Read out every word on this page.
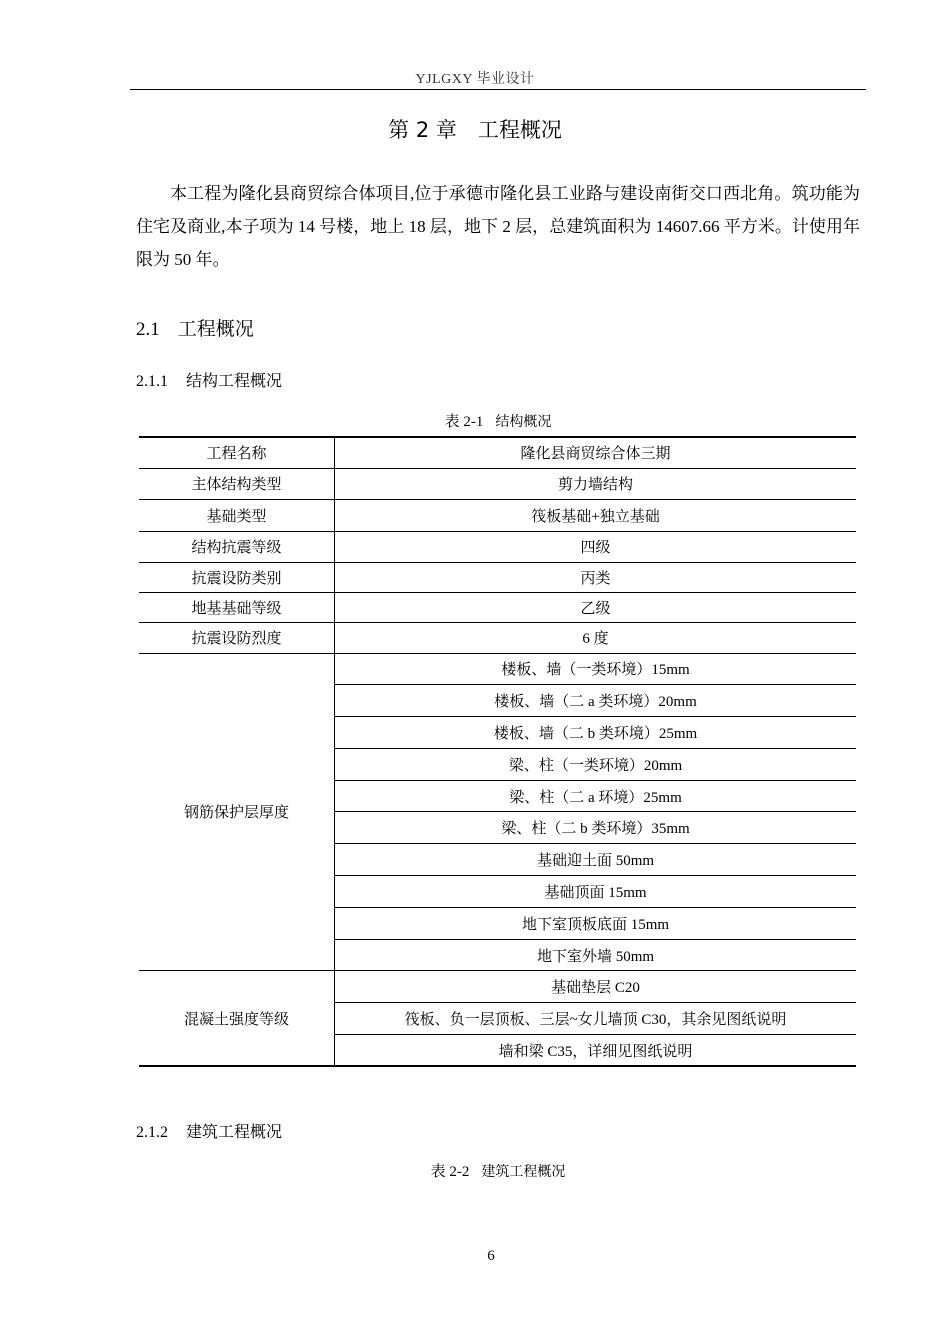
YJLGXY 毕业设计
第 2 章　工程概况

本工程为隆化县商贸综合体项目,位于承德市隆化县工业路与建设南街交口西北角。筑功能为住宅及商业,本子项为 14 号楼，地上 18 层，地下 2 层，总建筑面积为 14607.66 平方米。计使用年限为 50 年。

2.1 工程概况
2.1.1 结构工程概况
表 2-1 结构概况
工程名称	隆化县商贸综合体三期
主体结构类型	剪力墙结构
基础类型	筏板基础+独立基础
结构抗震等级	四级
抗震设防类别	丙类
地基基础等级	乙级
抗震设防烈度	6 度
钢筋保护层厚度	楼板、墙（一类环境）15mm
	楼板、墙（二 a 类环境）20mm
	楼板、墙（二 b 类环境）25mm
	梁、柱（一类环境）20mm
	梁、柱（二 a 环境）25mm
	梁、柱（二 b 类环境）35mm
	基础迎土面 50mm
	基础顶面 15mm
	地下室顶板底面 15mm
	地下室外墙 50mm
混凝土强度等级	基础垫层 C20
	筏板、负一层顶板、三层~女儿墙顶 C30，其余见图纸说明
	墙和梁 C35，详细见图纸说明
2.1.2 建筑工程概况
表 2-2 建筑工程概况
6
